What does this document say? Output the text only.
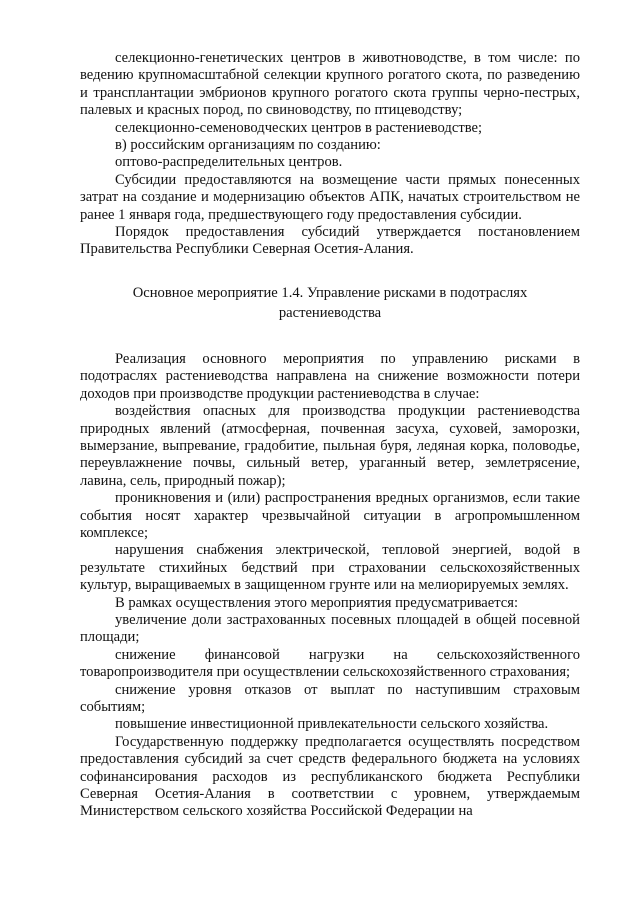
селекционно-генетических центров в животноводстве, в том числе: по ведению крупномасштабной селекции крупного рогатого скота, по разведению и трансплантации эмбрионов крупного рогатого скота группы черно-пестрых, палевых и красных пород, по свиноводству, по птицеводству;

селекционно-семеноводческих центров в растениеводстве;

в) российским организациям по созданию:

оптово-распределительных центров.

Субсидии предоставляются на возмещение части прямых понесенных затрат на создание и модернизацию объектов АПК, начатых строительством не ранее 1 января года, предшествующего году предоставления субсидии.

Порядок предоставления субсидий утверждается постановлением Правительства Республики Северная Осетия-Алания.

Основное мероприятие 1.4. Управление рисками в подотраслях
растениеводства

Реализация основного мероприятия по управлению рисками в подотраслях растениеводства направлена на снижение возможности потери доходов при производстве продукции растениеводства в случае:

воздействия опасных для производства продукции растениеводства природных явлений (атмосферная, почвенная засуха, суховей, заморозки, вымерзание, выпревание, градобитие, пыльная буря, ледяная корка, половодье, переувлажнение почвы, сильный ветер, ураганный ветер, землетрясение, лавина, сель, природный пожар);

проникновения и (или) распространения вредных организмов, если такие события носят характер чрезвычайной ситуации в агропромышленном комплексе;

нарушения снабжения электрической, тепловой энергией, водой в результате стихийных бедствий при страховании сельскохозяйственных культур, выращиваемых в защищенном грунте или на мелиорируемых землях.

В рамках осуществления этого мероприятия предусматривается:

увеличение доли застрахованных посевных площадей в общей посевной площади;

снижение финансовой нагрузки на сельскохозяйственного товаропроизводителя при осуществлении сельскохозяйственного страхования;

снижение уровня отказов от выплат по наступившим страховым событиям;

повышение инвестиционной привлекательности сельского хозяйства.

Государственную поддержку предполагается осуществлять посредством предоставления субсидий за счет средств федерального бюджета на условиях софинансирования расходов из республиканского бюджета Республики Северная Осетия-Алания в соответствии с уровнем, утверждаемым Министерством сельского хозяйства Российской Федерации на
